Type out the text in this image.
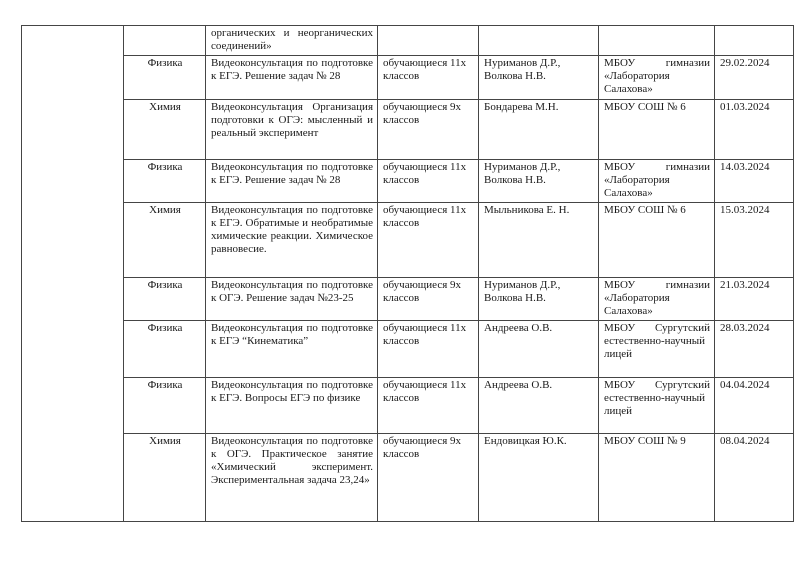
		органических и неорганических соединений»				
	Физика	Видеоконсультация по подготовке к ЕГЭ. Решение задач № 28	обучающиеся 11х классов	Нуриманов Д.Р., Волкова Н.В.	МБОУ гимназии «Лаборатория Салахова»	29.02.2024
	Химия	Видеоконсультация Организация подготовки к ОГЭ: мысленный и реальный эксперимент	обучающиеся 9х классов	Бондарева М.Н.	МБОУ СОШ № 6	01.03.2024
	Физика	Видеоконсультация по подготовке к ЕГЭ. Решение задач № 28	обучающиеся 11х классов	Нуриманов Д.Р., Волкова Н.В.	МБОУ гимназии «Лаборатория Салахова»	14.03.2024
	Химия	Видеоконсультация по подготовке к ЕГЭ. Обратимые и необратимые химические реакции. Химическое равновесие.	обучающиеся 11х классов	Мыльникова Е. Н.	МБОУ СОШ № 6	15.03.2024
	Физика	Видеоконсультация по подготовке к ОГЭ. Решение задач №23-25	обучающиеся 9х классов	Нуриманов Д.Р., Волкова Н.В.	МБОУ гимназии «Лаборатория Салахова»	21.03.2024
	Физика	Видеоконсультация по подготовке к ЕГЭ “Кинематика”	обучающиеся 11х классов	Андреева О.В.	МБОУ Сургутский естественно-научный лицей	28.03.2024
	Физика	Видеоконсультация по подготовке к ЕГЭ. Вопросы ЕГЭ по физике	обучающиеся 11х классов	Андреева О.В.	МБОУ Сургутский естественно-научный лицей	04.04.2024
	Химия	Видеоконсультация по подготовке к ОГЭ. Практическое занятие «Химический эксперимент. Экспериментальная задача 23,24»	обучающиеся 9х классов	Ендовицкая Ю.К.	МБОУ СОШ № 9	08.04.2024
